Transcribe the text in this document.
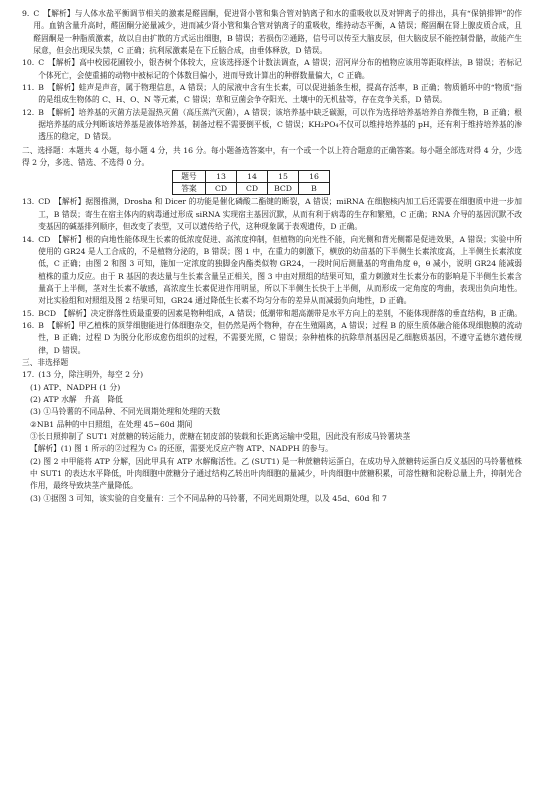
9. C　【解析】与人体水盐平衡调节相关的激素是醛固酮，促进肾小管和集合管对钠离子和水的重吸收以及对钾离子的排出，具有“保钠排钾”的作用。血钠含量升高时，醛固酮分泌量减少，进而减少肾小管和集合管对钠离子的重吸收，维持动态平衡，A 错误；醛固酮在肾上腺皮质合成，且醛固酮是一种脂质激素，故以自由扩散的方式运出细胞，B 错误；若损伤②通路，信号可以传至大脑皮层，但大脑皮层不能控制骨骼，故能产生尿意，但会出现尿失禁，C 正确；抗利尿激素是在下丘脑合成，由垂体释放，D 错误。
10. C　【解析】高中校园花圃较小，银杏树个体较大，应该选择逐个计数法调查，A 错误；沼河岸分布的植物应该用等距取样法，B 错误；若标记个体死亡，会使重捕的动物中被标记的个体数目偏小，进而导致计算出的种群数量偏大，C 正确。
11. B　【解析】蛙声是声音，属于物理信息，A 错误；人的尿液中含有生长素，可以促进插条生根，提高存活率，B 正确；物质循环中的“物质”指的是组成生物体的 C、H、O、N 等元素，C 错误；草和豆菌会争夺阳光、土壤中的无机盐等，存在竞争关系，D 错误。
12. B　【解析】培养基的灭菌方法是湿热灭菌（高压蒸汽灭菌），A 错误；该培养基中缺乏碳源，可以作为选择培养基培养自养微生物，B 正确；根据培养基的成分判断该培养基是液体培养基，制备过程不需要倒平板，C 错误；KH₂PO₄不仅可以维持培养基的 pH，还有利于维持培养基的渗透压的稳定，D 错误。
二、选择题：本题共 4 小题，每小题 4 分，共 16 分。每小题备选答案中，有一个或一个以上符合题意的正确答案。每小题全部选对得 4 分，少选得 2 分，多选、错选、不选得 0 分。
题号	13	14	15	16
答案	CD	CD	BCD	B
13. CD　【解析】据图推测，Drosha 和 Dicer 的功能是催化磷酸二酯键的断裂，A 错误；miRNA 在细胞核内加工后还需要在细胞质中进一步加工，B 错误；寄生在宿主体内的病毒通过形成 siRNA 实现宿主基因沉默，从而有利于病毒的生存和繁殖，C 正确；RNA 介导的基因沉默不改变基因的碱基排列顺序，但改变了表型，又可以遗传给子代，这种现象属于表观遗传，D 正确。
14. CD　【解析】根的向地性能体现生长素的低浓度促进、高浓度抑制，但植物的向光性不能，向光侧和背光侧都是促进效果，A 错误；实验中所使用的 GR24 是人工合成的，不是植物分泌的，B 错误；图 1 中，在重力的刺激下，横放的幼苗基的下半侧生长素浓度高，上半侧生长素浓度低，C 正确；由图 2 和图 3 可知，施加一定浓度的独脚金内酯类似物 GR24，一段时间后测量基的弯曲角度 θ，θ 减小，说明 GR24 能减弱植株的重力反应。由于 R 基因的表达量与生长素含量呈正相关，图 3 中由对照组的结果可知，重力刺激对生长素分布的影响是下半侧生长素含量高于上半侧，茎对生长素不敏感，高浓度生长素促进作用明显，所以下半侧生长快于上半侧，从而形成一定角度的弯曲，表现出负向地性。对比实验组和对照组及图 2 结果可知，GR24 通过降低生长素不均匀分布的差异从而减弱负向地性，D 正确。
15. BCD　【解析】决定群落性质最重要的因素是物种组成，A 错误；低潮带和超高潮带是水平方向上的差别，不能体现群落的垂直结构，B 正确。
16. B　【解析】甲乙植株的顶芽细胞能进行体细胞杂交，但仍然是两个物种，存在生殖隔离，A 错误；过程 B 的原生质体融合能体现细胞膜的流动性，B 正确；过程 D 为脱分化形成愈伤组织的过程，不需要光照，C 错误；杂种植株的抗除草剂基因是乙细胞质基因，不遵守孟德尔遗传规律，D 错误。
三、非选择题
17. (13 分，除注明外，每空 2 分)
(1) ATP、NADPH (1 分)
(2) ATP 水解　升高　降低
(3) ①马铃薯的不同品种、不同光周期处理和处理的天数
②NB1 品种的中日照组，在处理 45~60d 期间
③长日照抑制了 SUT1 对蔗糖的转运能力，蔗糖在韧皮部的装载和长距离运输中受阻，因此没有形成马铃薯块茎
【解析】(1) 图 1 所示的②过程为 C₃ 的还原，需要光反应产物 ATP、NADPH 的参与。
(2) 图 2 中甲能将 ATP 分解，因此甲具有 ATP 水解酶活性。乙 (SUT1) 是一种蔗糖转运蛋白，在成功导入蔗糖转运蛋白反义基因的马铃薯植株中 SUT1 的表达水平降低，叶肉细胞中蔗糖分子通过结构乙转出叶肉细胞的量减少，叶肉细胞中蔗糖积累，可溶性糖和淀粉总量上升，抑制光合作用，最终导致块茎产量降低。
(3) ①据图 3 可知，该实验的自变量有：三个不同品种的马铃薯，不同光周期处理，以及 45d、60d 和 7
